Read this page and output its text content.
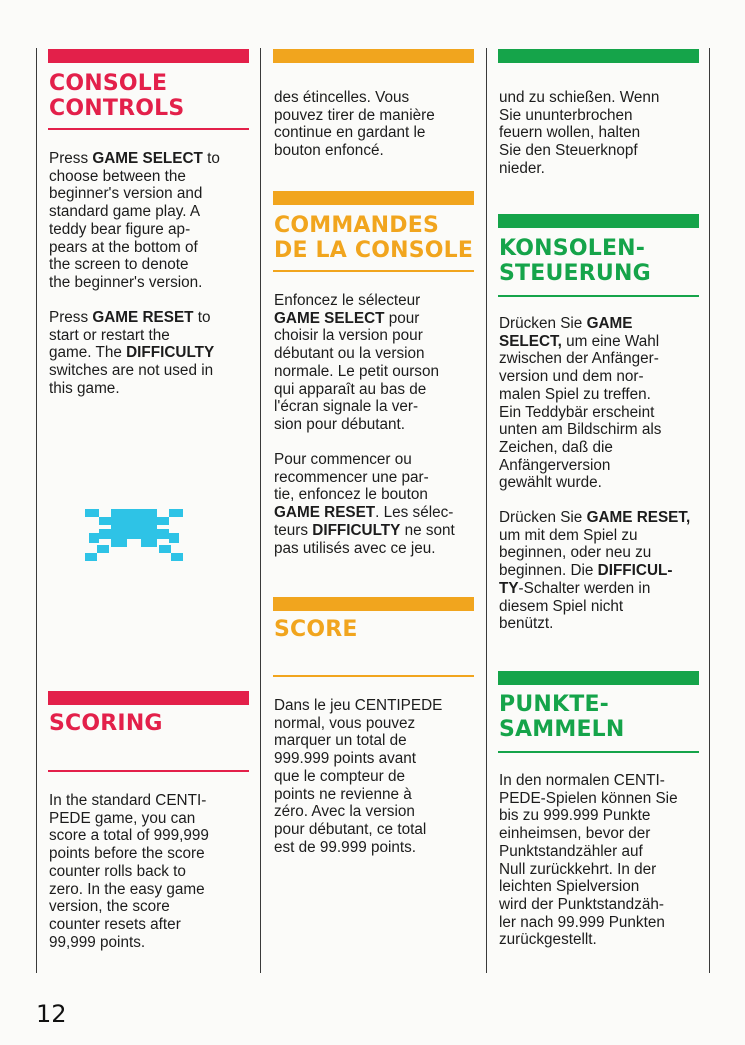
CONSOLE
CONTROLS

Press GAME SELECT to
choose between the
beginner's version and
standard game play. A
teddy bear figure ap-
pears at the bottom of
the screen to denote
the beginner's version.

Press GAME RESET to
start or restart the
game. The DIFFICULTY
switches are not used in
this game.

SCORING

In the standard CENTI-
PEDE game, you can
score a total of 999,999
points before the score
counter rolls back to
zero. In the easy game
version, the score
counter resets after
99,999 points.

des étincelles. Vous
pouvez tirer de manière
continue en gardant le
bouton enfoncé.

COMMANDES
DE LA CONSOLE

Enfoncez le sélecteur
GAME SELECT pour
choisir la version pour
débutant ou la version
normale. Le petit ourson
qui apparaît au bas de
l'écran signale la ver-
sion pour débutant.

Pour commencer ou
recommencer une par-
tie, enfoncez le bouton
GAME RESET. Les sélec-
teurs DIFFICULTY ne sont
pas utilisés avec ce jeu.

SCORE

Dans le jeu CENTIPEDE
normal, vous pouvez
marquer un total de
999.999 points avant
que le compteur de
points ne revienne à
zéro. Avec la version
pour débutant, ce total
est de 99.999 points.

und zu schießen. Wenn
Sie ununterbrochen
feuern wollen, halten
Sie den Steuerknopf
nieder.

KONSOLEN-
STEUERUNG

Drücken Sie GAME
SELECT, um eine Wahl
zwischen der Anfänger-
version und dem nor-
malen Spiel zu treffen.
Ein Teddybär erscheint
unten am Bildschirm als
Zeichen, daß die
Anfängerversion
gewählt wurde.

Drücken Sie GAME RESET,
um mit dem Spiel zu
beginnen, oder neu zu
beginnen. Die DIFFICUL-
TY-Schalter werden in
diesem Spiel nicht
benützt.

PUNKTE-
SAMMELN

In den normalen CENTI-
PEDE-Spielen können Sie
bis zu 999.999 Punkte
einheimsen, bevor der
Punktstandzähler auf
Null zurückkehrt. In der
leichten Spielversion
wird der Punktstandzäh-
ler nach 99.999 Punkten
zurückgestellt.

12
